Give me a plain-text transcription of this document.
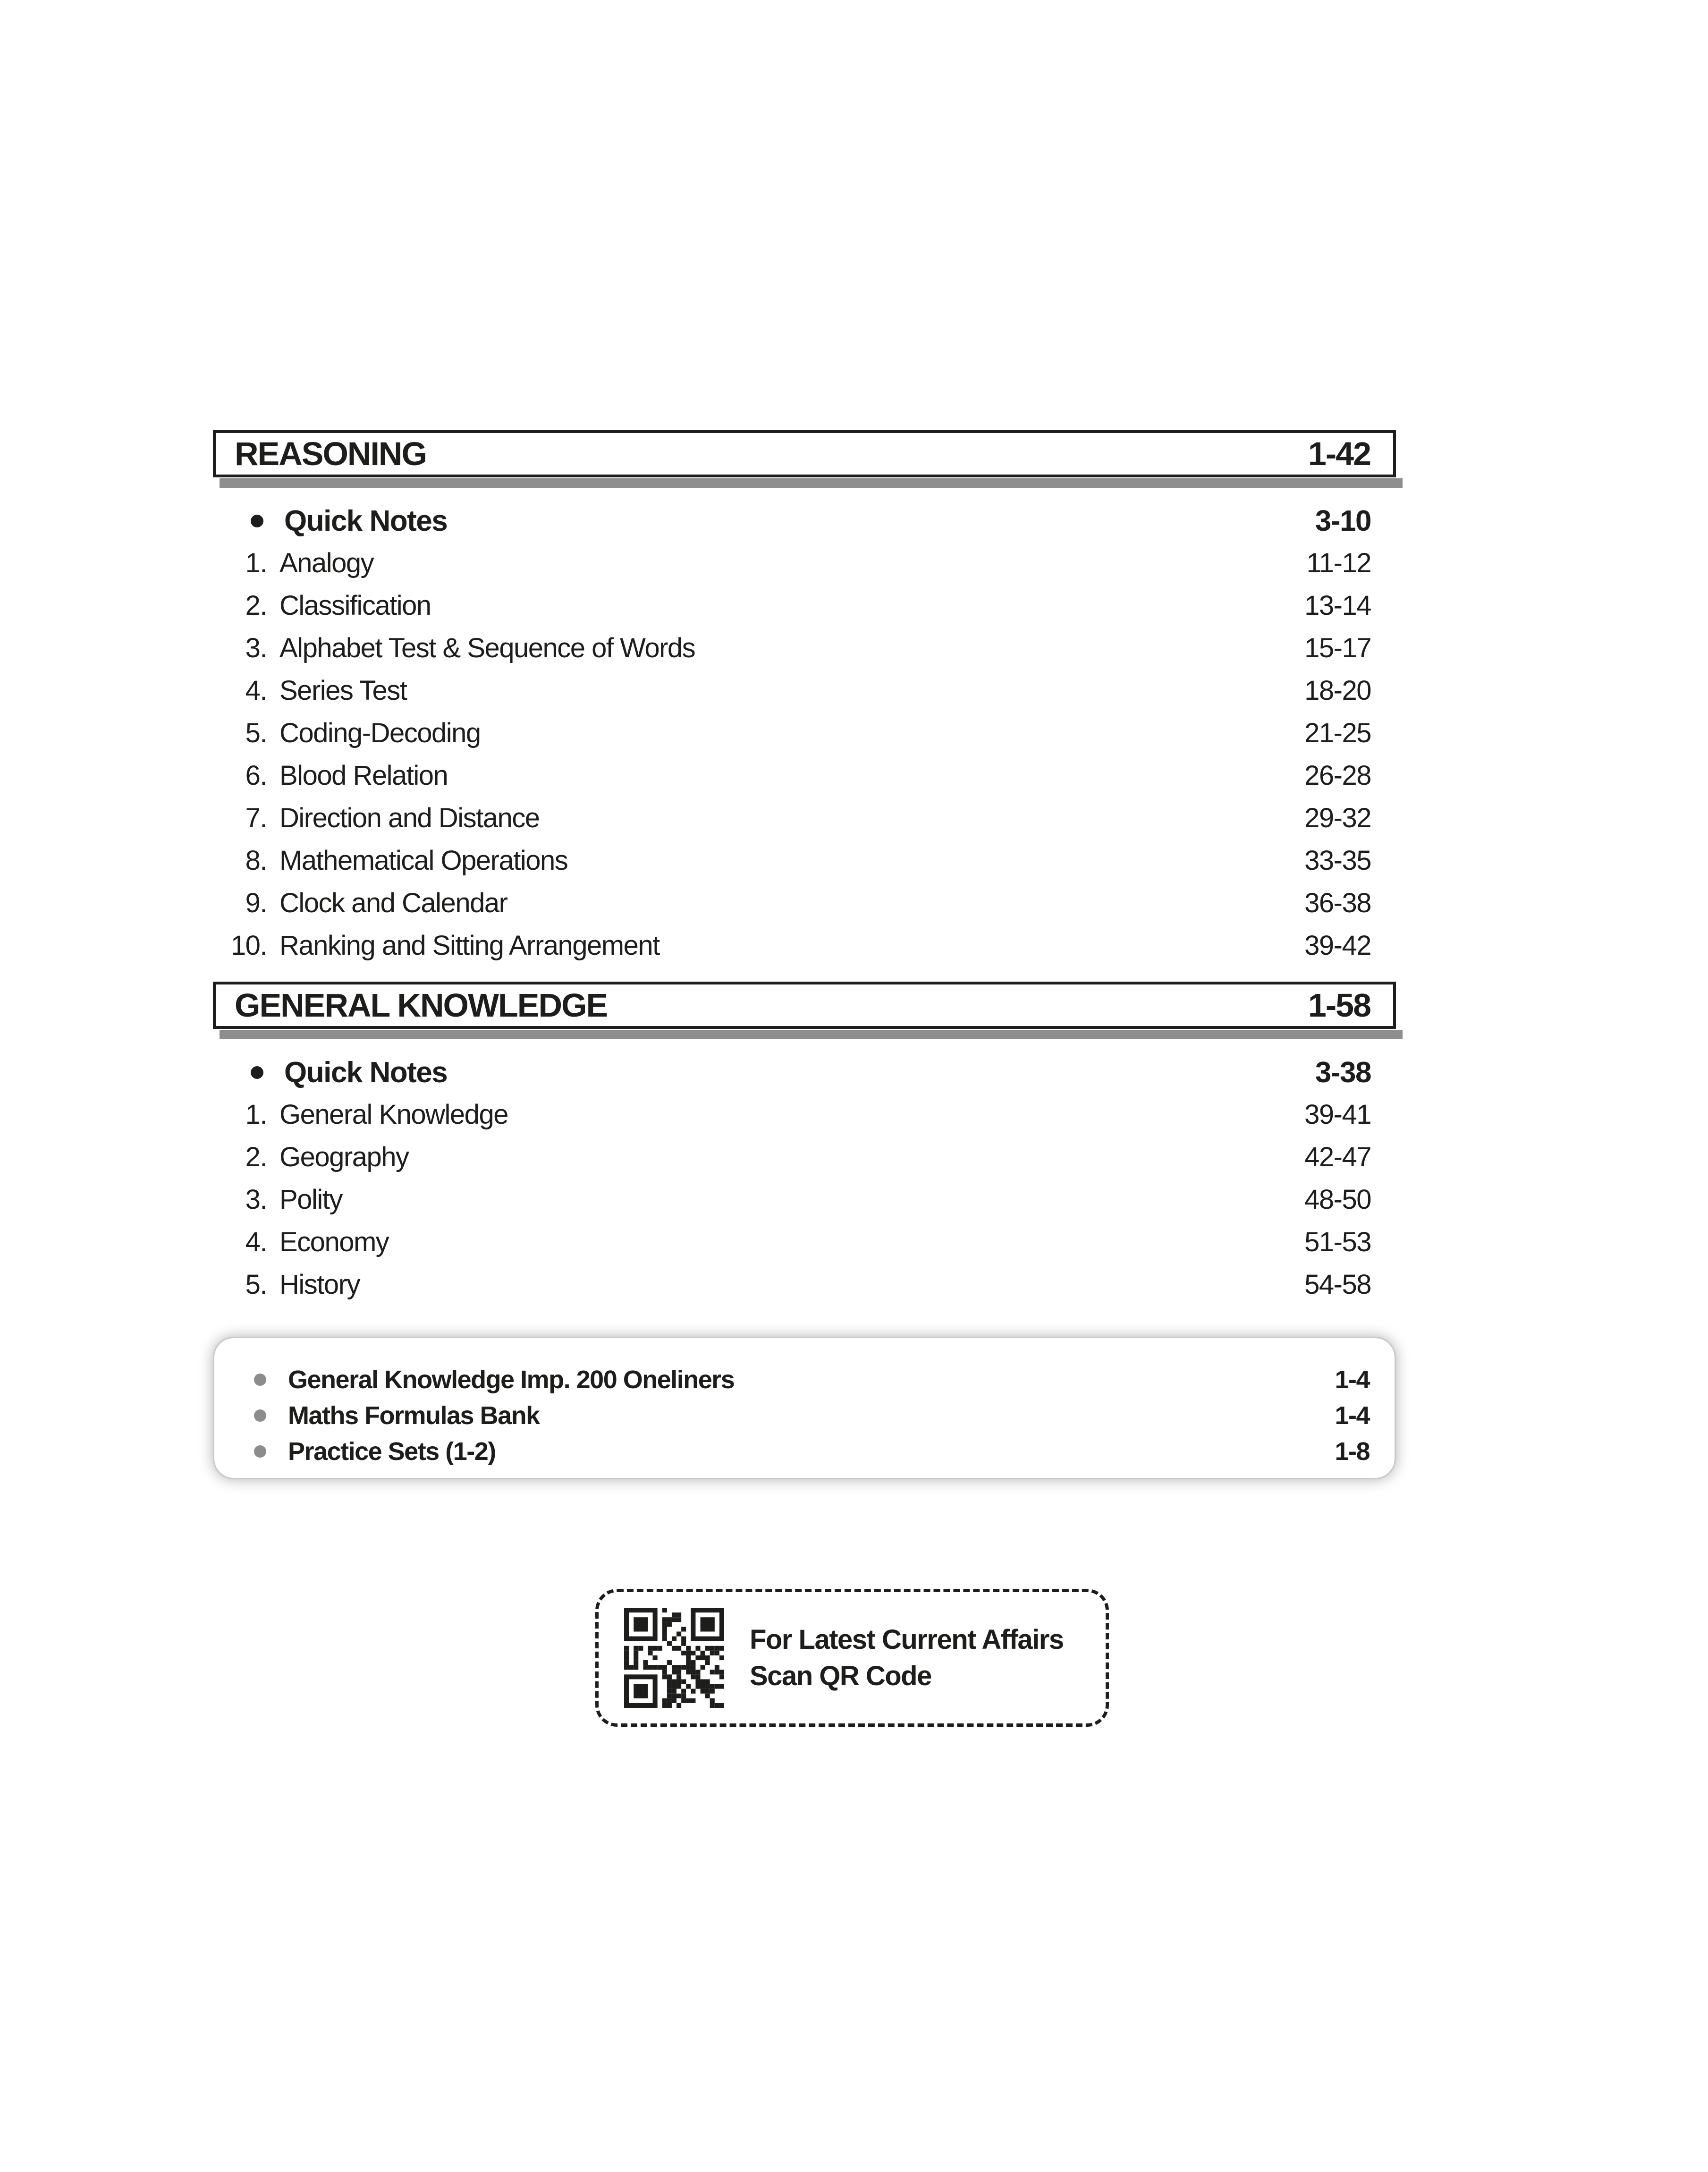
REASONING	1-42
Quick Notes	3-10
1. Analogy	11-12
2. Classification	13-14
3. Alphabet Test & Sequence of Words	15-17
4. Series Test	18-20
5. Coding-Decoding	21-25
6. Blood Relation	26-28
7. Direction and Distance	29-32
8. Mathematical Operations	33-35
9. Clock and Calendar	36-38
10. Ranking and Sitting Arrangement	39-42
GENERAL KNOWLEDGE	1-58
Quick Notes	3-38
1. General Knowledge	39-41
2. Geography	42-47
3. Polity	48-50
4. Economy	51-53
5. History	54-58
General Knowledge Imp. 200 Oneliners	1-4
Maths Formulas Bank	1-4
Practice Sets (1-2)	1-8
For Latest Current Affairs
Scan QR Code
